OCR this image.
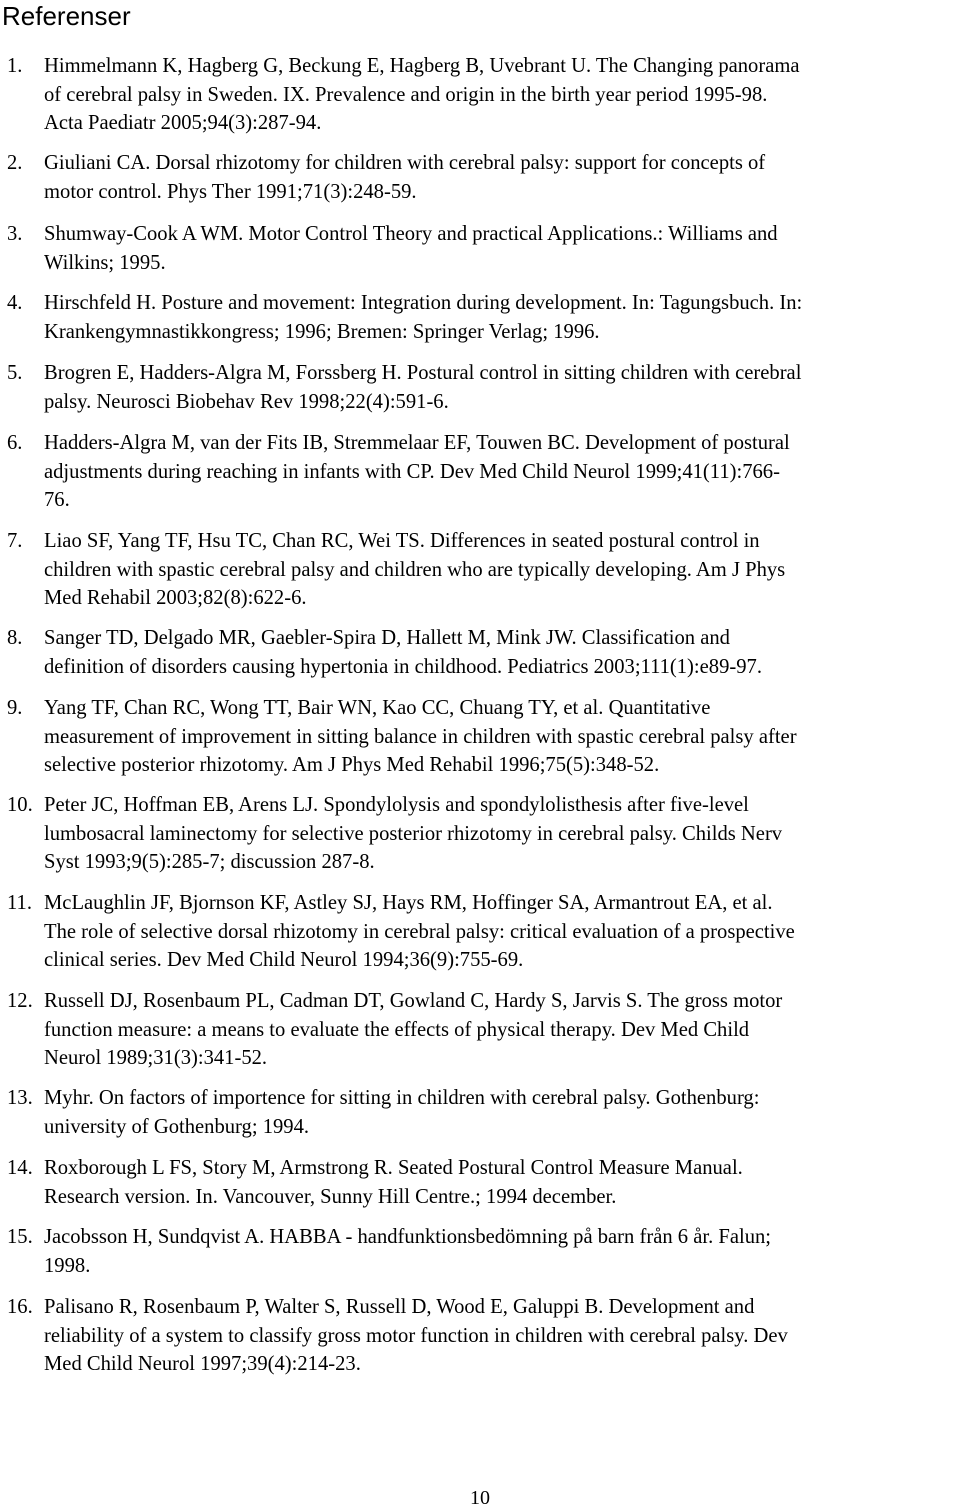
Referenser
1. Himmelmann K, Hagberg G, Beckung E, Hagberg B, Uvebrant U. The Changing panorama
of cerebral palsy in Sweden. IX. Prevalence and origin in the birth year period 1995-98.
Acta Paediatr 2005;94(3):287-94.
2. Giuliani CA. Dorsal rhizotomy for children with cerebral palsy: support for concepts of
motor control. Phys Ther 1991;71(3):248-59.
3. Shumway-Cook A WM. Motor Control Theory and practical Applications.: Williams and
Wilkins; 1995.
4. Hirschfeld H. Posture and movement: Integration during development. In: Tagungsbuch. In:
Krankengymnastikkongress; 1996; Bremen: Springer Verlag; 1996.
5. Brogren E, Hadders-Algra M, Forssberg H. Postural control in sitting children with cerebral
palsy. Neurosci Biobehav Rev 1998;22(4):591-6.
6. Hadders-Algra M, van der Fits IB, Stremmelaar EF, Touwen BC. Development of postural
adjustments during reaching in infants with CP. Dev Med Child Neurol 1999;41(11):766-
76.
7. Liao SF, Yang TF, Hsu TC, Chan RC, Wei TS. Differences in seated postural control in
children with spastic cerebral palsy and children who are typically developing. Am J Phys
Med Rehabil 2003;82(8):622-6.
8. Sanger TD, Delgado MR, Gaebler-Spira D, Hallett M, Mink JW. Classification and
definition of disorders causing hypertonia in childhood. Pediatrics 2003;111(1):e89-97.
9. Yang TF, Chan RC, Wong TT, Bair WN, Kao CC, Chuang TY, et al. Quantitative
measurement of improvement in sitting balance in children with spastic cerebral palsy after
selective posterior rhizotomy. Am J Phys Med Rehabil 1996;75(5):348-52.
10. Peter JC, Hoffman EB, Arens LJ. Spondylolysis and spondylolisthesis after five-level
lumbosacral laminectomy for selective posterior rhizotomy in cerebral palsy. Childs Nerv
Syst 1993;9(5):285-7; discussion 287-8.
11. McLaughlin JF, Bjornson KF, Astley SJ, Hays RM, Hoffinger SA, Armantrout EA, et al.
The role of selective dorsal rhizotomy in cerebral palsy: critical evaluation of a prospective
clinical series. Dev Med Child Neurol 1994;36(9):755-69.
12. Russell DJ, Rosenbaum PL, Cadman DT, Gowland C, Hardy S, Jarvis S. The gross motor
function measure: a means to evaluate the effects of physical therapy. Dev Med Child
Neurol 1989;31(3):341-52.
13. Myhr. On factors of importence for sitting in children with cerebral palsy. Gothenburg:
university of Gothenburg; 1994.
14. Roxborough L FS, Story M, Armstrong R. Seated Postural Control Measure Manual.
Research version. In. Vancouver, Sunny Hill Centre.; 1994 december.
15. Jacobsson H, Sundqvist A. HABBA - handfunktionsbedömning på barn från 6 år. Falun;
1998.
16. Palisano R, Rosenbaum P, Walter S, Russell D, Wood E, Galuppi B. Development and
reliability of a system to classify gross motor function in children with cerebral palsy. Dev
Med Child Neurol 1997;39(4):214-23.
10
